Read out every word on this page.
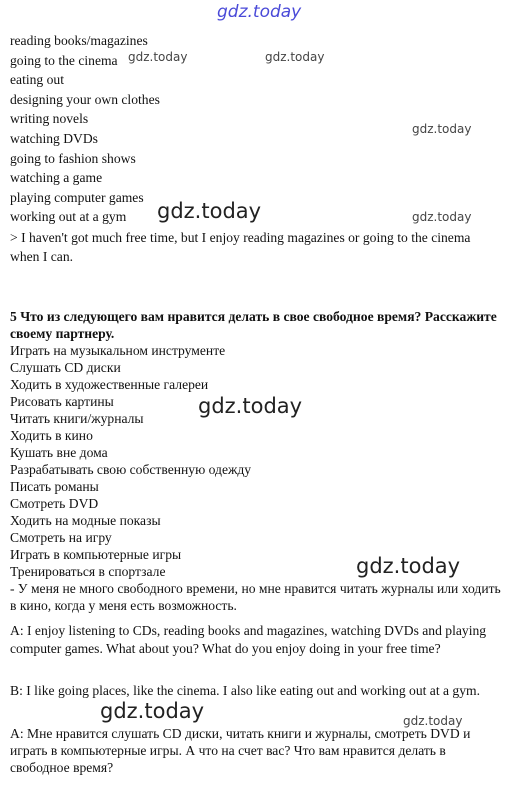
gdz.today
gdz.today	gdz.today
gdz.today
gdz.today	gdz.today
gdz.today
gdz.today
gdz.today	gdz.today
reading books/magazines
going to the cinema
eating out
designing your own clothes
writing novels
watching DVDs
going to fashion shows
watching a game
playing computer games
working out at a gym
> I haven't got much free time, but I enjoy reading magazines or going to the cinema when I can.
5 Что из следующего вам нравится делать в свое свободное время? Расскажите своему партнеру.
Играть на музыкальном инструменте
Слушать CD диски
Ходить в художественные галереи
Рисовать картины
Читать книги/журналы
Ходить в кино
Кушать вне дома
Разрабатывать свою собственную одежду
Писать романы
Смотреть DVD
Ходить на модные показы
Смотреть на игру
Играть в компьютерные игры
Тренироваться в спортзале
- У меня не много свободного времени, но мне нравится читать журналы или ходить в кино, когда у меня есть возможность.
A: I enjoy listening to CDs, reading books and magazines, watching DVDs and playing computer games. What about you? What do you enjoy doing in your free time?
B: I like going places, like the cinema. I also like eating out and working out at a gym.
A: Мне нравится слушать CD диски, читать книги и журналы, смотреть DVD и играть в компьютерные игры. А что на счет вас? Что вам нравится делать в свободное время?
